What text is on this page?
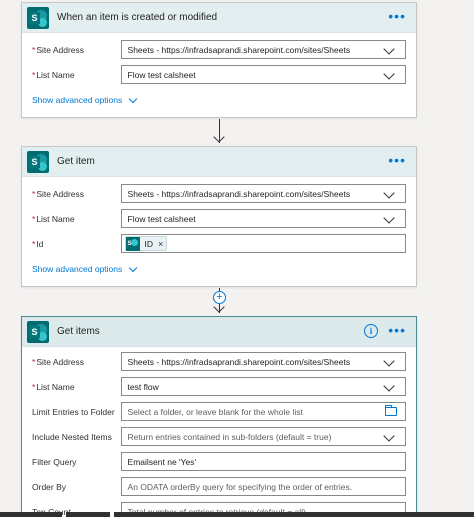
S When an item is created or modified	•••
*Site Address	Sheets - https://infradsaprandi.sharepoint.com/sites/Sheets
*List Name	Flow test calsheet
Show advanced options
S Get item	•••
*Site Address	Sheets - https://infradsaprandi.sharepoint.com/sites/Sheets
*List Name	Flow test calsheet
*Id	S ID ×
Show advanced options
+
S Get items	i	•••
*Site Address	Sheets - https://infradsaprandi.sharepoint.com/sites/Sheets
*List Name	test flow
Limit Entries to Folder	Select a folder, or leave blank for the whole list
Include Nested Items	Return entries contained in sub-folders (default = true)
Filter Query	Emailsent ne 'Yes'
Order By	An ODATA orderBy query for specifying the order of entries.
